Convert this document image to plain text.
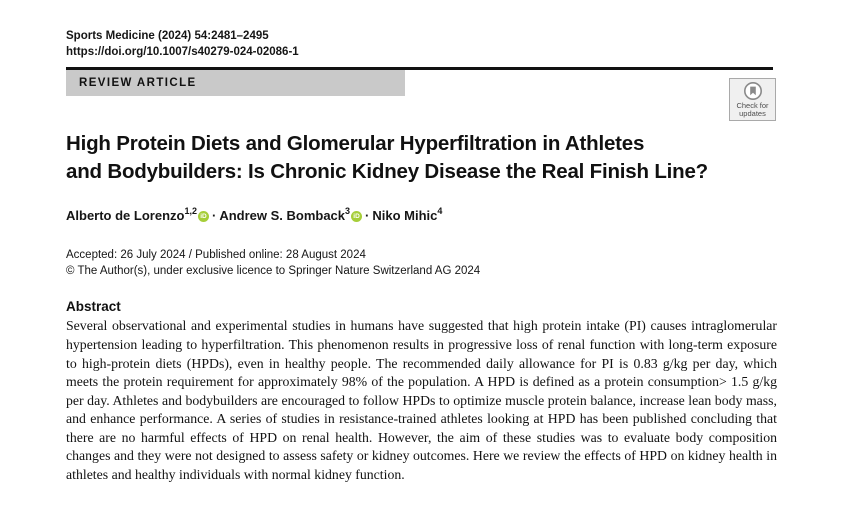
Sports Medicine (2024) 54:2481–2495
https://doi.org/10.1007/s40279-024-02086-1
REVIEW ARTICLE
Check for
updates
High Protein Diets and Glomerular Hyperfiltration in Athletes
and Bodybuilders: Is Chronic Kidney Disease the Real Finish Line?
Alberto de Lorenzo$^{1,2}$iD · Andrew S. Bomback$^3$iD · Niko Mihic$^4$
Accepted: 26 July 2024 / Published online: 28 August 2024
© The Author(s), under exclusive licence to Springer Nature Switzerland AG 2024
Abstract

Several observational and experimental studies in humans have suggested that high protein intake (PI) causes intraglomerular hypertension leading to hyperfiltration. This phenomenon results in progressive loss of renal function with long-term exposure to high-protein diets (HPDs), even in healthy people. The recommended daily allowance for PI is 0.83 g/kg per day, which meets the protein requirement for approximately 98% of the population. A HPD is defined as a protein consumption> 1.5 g/kg per day. Athletes and bodybuilders are encouraged to follow HPDs to optimize muscle protein balance, increase lean body mass, and enhance performance. A series of studies in resistance-trained athletes looking at HPD has been published concluding that there are no harmful effects of HPD on renal health. However, the aim of these studies was to evaluate body composition changes and they were not designed to assess safety or kidney outcomes. Here we review the effects of HPD on kidney health in athletes and healthy individuals with normal kidney function.
